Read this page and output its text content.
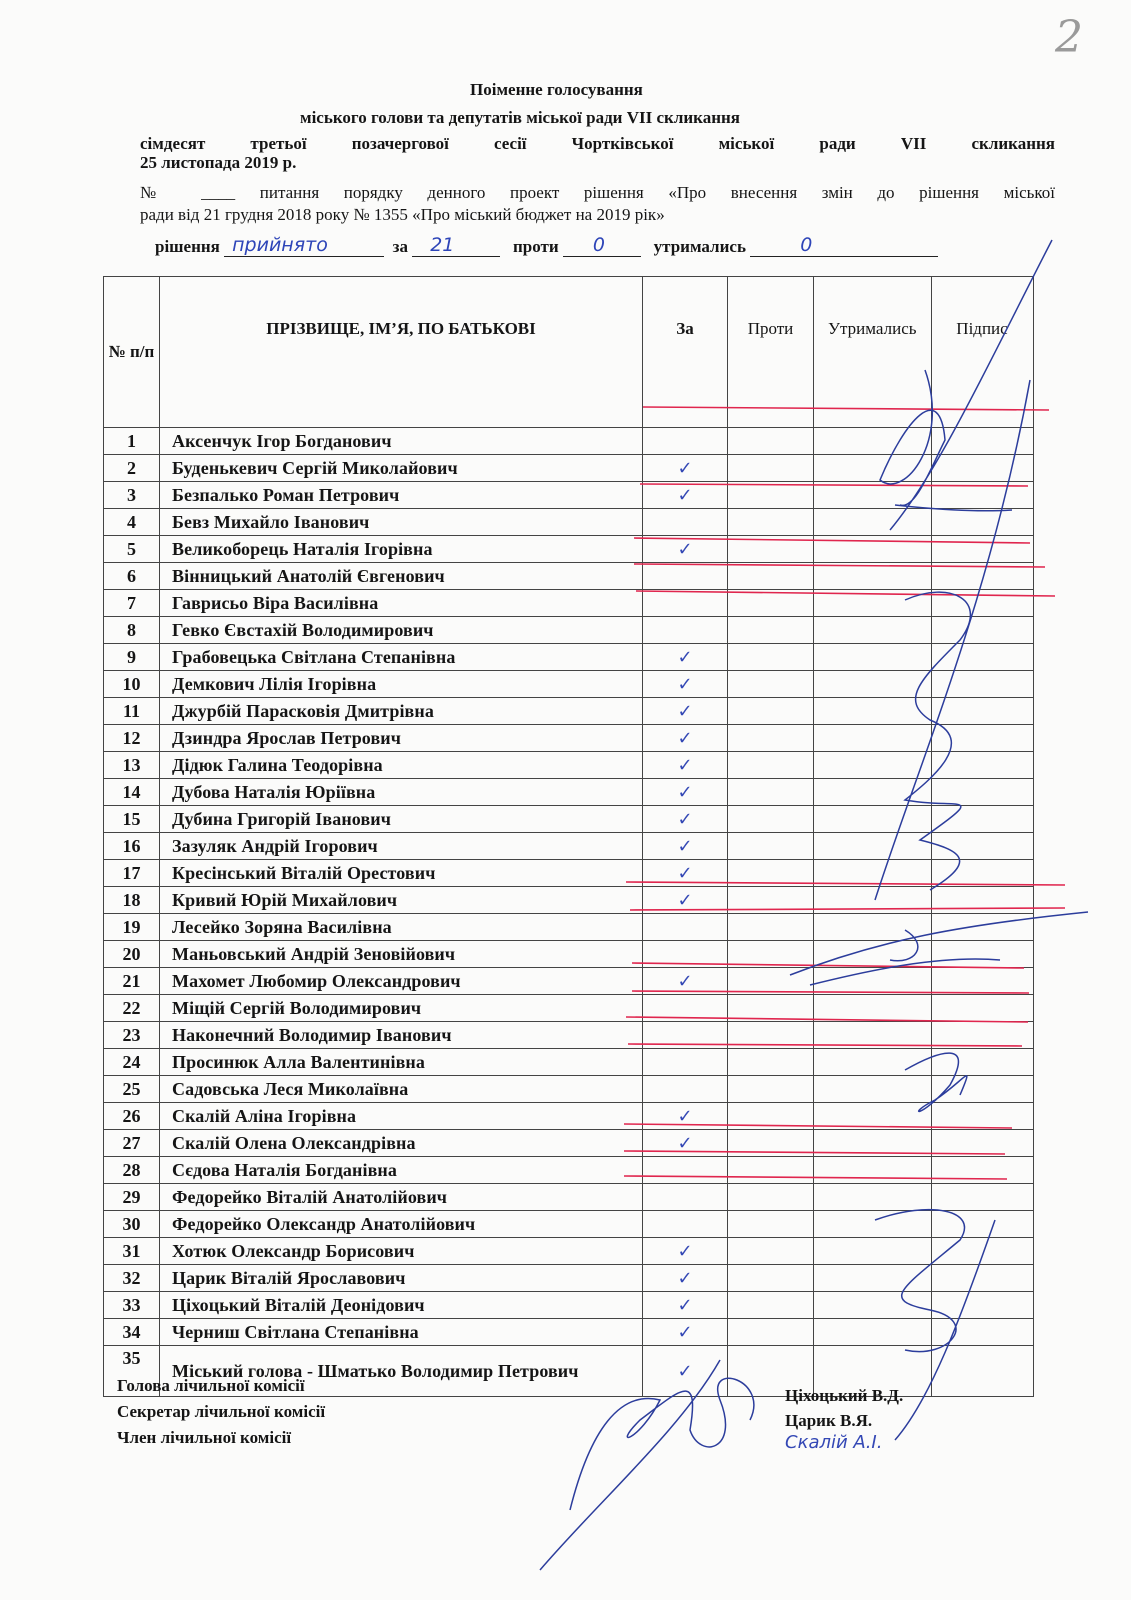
2
Поіменне голосування
міського голови та депутатів міської ради VII скликання
сімдесят третьої позачергової сесії Чортківської міської ради VII скликання
25 листопада 2019 р.
№ ____ питання порядку денного проект рішення «Про внесення змін до рішення міської
ради від 21 грудня 2018 року № 1355 «Про міський бюджет на 2019 рік»
рішення прийнято	за 21	проти 0	утримались	0
№ п/п	ПРІЗВИЩЕ, ІМ’Я, ПО БАТЬКОВІ	За	Проти	Утримались	Підпис
1	Аксенчук Ігор Богданович				
2	Буденькевич Сергій Миколайович	✓			
3	Безпалько Роман Петрович	✓			
4	Бевз Михайло Іванович				
5	Великоборець Наталія Ігорівна	✓			
6	Вінницький Анатолій Євгенович				
7	Гаврисьо Віра Василівна				
8	Гевко Євстахій Володимирович				
9	Грабовецька Світлана Степанівна	✓			
10	Демкович Лілія Ігорівна	✓			
11	Джурбій Парасковія Дмитрівна	✓			
12	Дзиндра Ярослав Петрович	✓			
13	Дідюк Галина Теодорівна	✓			
14	Дубова Наталія Юріївна	✓			
15	Дубина Григорій Іванович	✓			
16	Зазуляк Андрій Ігорович	✓			
17	Кресінський Віталій Орестович	✓			
18	Кривий Юрій Михайлович	✓			
19	Лесейко Зоряна Василівна				
20	Маньовський Андрій Зеновійович				
21	Махомет Любомир Олександрович	✓			
22	Міщій Сергій Володимирович				
23	Наконечний Володимир Іванович				
24	Просинюк Алла Валентинівна				
25	Садовська Леся Миколаївна				
26	Скалій Аліна Ігорівна	✓			
27	Скалій Олена Олександрівна	✓			
28	Сєдова Наталія Богданівна				
29	Федорейко Віталій Анатолійович				
30	Федорейко Олександр Анатолійович				
31	Хотюк Олександр Борисович	✓			
32	Царик Віталій Ярославович	✓			
33	Ціхоцький Віталій Деонідович	✓			
34	Черниш Світлана Степанівна	✓			
35	Міський голова - Шматько Володимир Петрович	✓			
Голова лічильної комісії
Секретар лічильної комісії
Член лічильної комісії
Ціхоцький В.Д.
Царик В.Я.
Скалій А.І.
